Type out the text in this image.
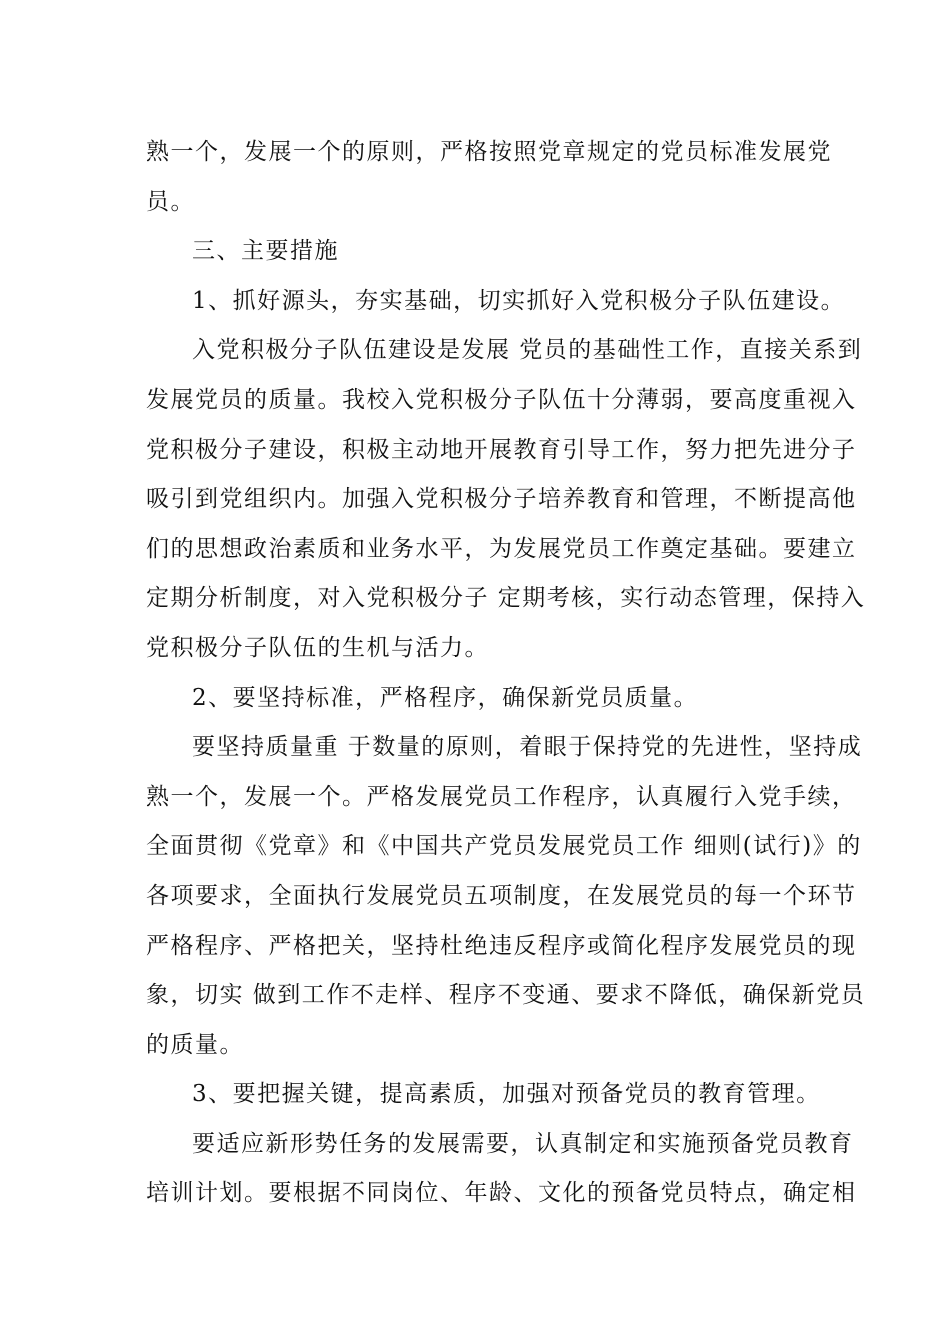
熟一个，发展一个的原则，严格按照党章规定的党员标准发展党
员。
三、主要措施
1、抓好源头，夯实基础，切实抓好入党积极分子队伍建设。
入党积极分子队伍建设是发展 党员的基础性工作，直接关系到
发展党员的质量。我校入党积极分子队伍十分薄弱，要高度重视入
党积极分子建设，积极主动地开展教育引导工作，努力把先进分子
吸引到党组织内。加强入党积极分子培养教育和管理，不断提高他
们的思想政治素质和业务水平，为发展党员工作奠定基础。要建立
定期分析制度，对入党积极分子 定期考核，实行动态管理，保持入
党积极分子队伍的生机与活力。
2、要坚持标准，严格程序，确保新党员质量。
要坚持质量重 于数量的原则，着眼于保持党的先进性，坚持成
熟一个，发展一个。严格发展党员工作程序，认真履行入党手续，
全面贯彻《党章》和《中国共产党员发展党员工作 细则(试行)》的
各项要求，全面执行发展党员五项制度，在发展党员的每一个环节
严格程序、严格把关，坚持杜绝违反程序或简化程序发展党员的现
象，切实 做到工作不走样、程序不变通、要求不降低，确保新党员
的质量。
3、要把握关键，提高素质，加强对预备党员的教育管理。
要适应新形势任务的发展需要，认真制定和实施预备党员教育
培训计划。要根据不同岗位、年龄、文化的预备党员特点，确定相
